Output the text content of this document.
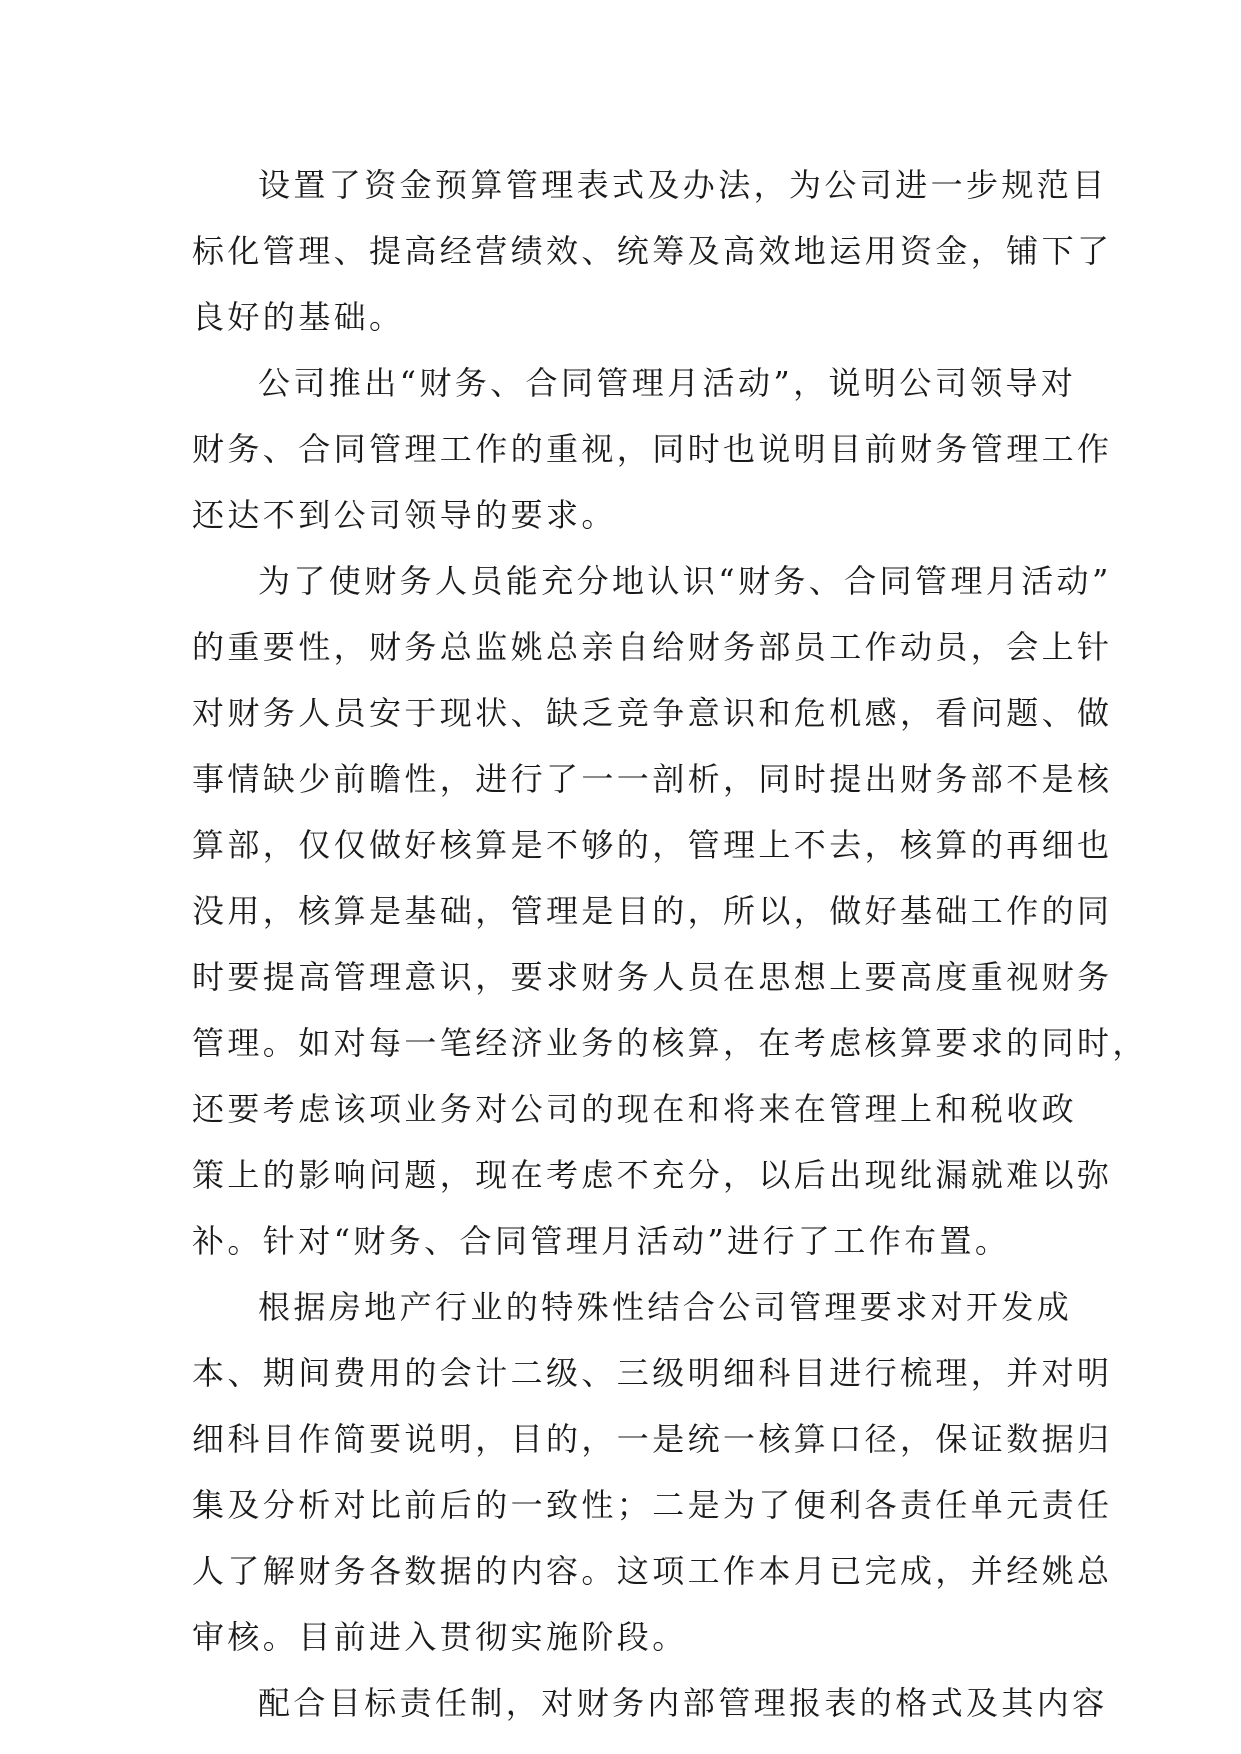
设置了资金预算管理表式及办法，为公司进一步规范目
标化管理、提高经营绩效、统筹及高效地运用资金，铺下了
良好的基础。
公司推出“财务、合同管理月活动”，说明公司领导对
财务、合同管理工作的重视，同时也说明目前财务管理工作
还达不到公司领导的要求。
为了使财务人员能充分地认识“财务、合同管理月活动”
的重要性，财务总监姚总亲自给财务部员工作动员，会上针
对财务人员安于现状、缺乏竞争意识和危机感，看问题、做
事情缺少前瞻性，进行了一一剖析，同时提出财务部不是核
算部，仅仅做好核算是不够的，管理上不去，核算的再细也
没用，核算是基础，管理是目的，所以，做好基础工作的同
时要提高管理意识，要求财务人员在思想上要高度重视财务
管理。如对每一笔经济业务的核算，在考虑核算要求的同时，
还要考虑该项业务对公司的现在和将来在管理上和税收政
策上的影响问题，现在考虑不充分，以后出现纰漏就难以弥
补。针对“财务、合同管理月活动”进行了工作布置。
根据房地产行业的特殊性结合公司管理要求对开发成
本、期间费用的会计二级、三级明细科目进行梳理，并对明
细科目作简要说明，目的，一是统一核算口径，保证数据归
集及分析对比前后的一致性；二是为了便利各责任单元责任
人了解财务各数据的内容。这项工作本月已完成，并经姚总
审核。目前进入贯彻实施阶段。
配合目标责任制，对财务内部管理报表的格式及其内容
